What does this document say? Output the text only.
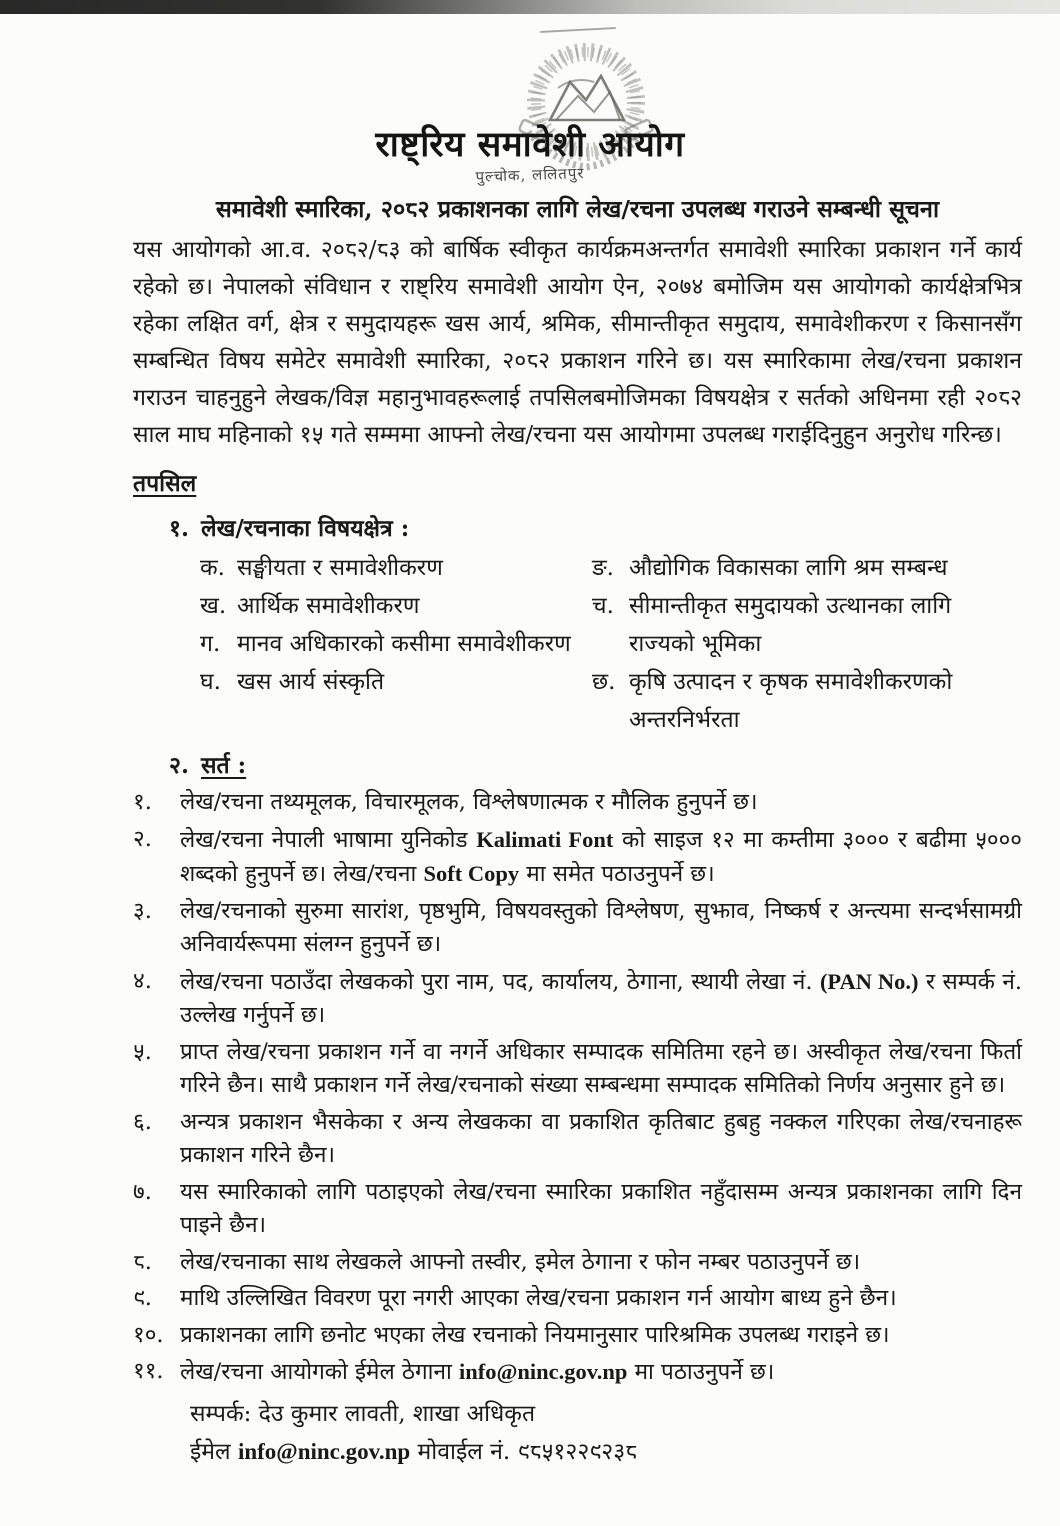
राष्ट्रिय समावेशी आयोग
पुल्चोक, ललितपुर
समावेशी स्मारिका, २०८२ प्रकाशनका लागि लेख/रचना उपलब्ध गराउने सम्बन्धी सूचना

यस आयोगको आ.व. २०८२/८३ को बार्षिक स्वीकृत कार्यक्रमअन्तर्गत समावेशी स्मारिका प्रकाशन गर्ने कार्य रहेको छ। नेपालको संविधान र राष्ट्रिय समावेशी आयोग ऐन, २०७४ बमोजिम यस आयोगको कार्यक्षेत्रभित्र रहेका लक्षित वर्ग, क्षेत्र र समुदायहरू खस आर्य, श्रमिक, सीमान्तीकृत समुदाय, समावेशीकरण र किसानसँग सम्बन्धित विषय समेटेर समावेशी स्मारिका, २०८२ प्रकाशन गरिने छ। यस स्मारिकामा लेख/रचना प्रकाशन गराउन चाहनुहुने लेखक/विज्ञ महानुभावहरूलाई तपसिलबमोजिमका विषयक्षेत्र र सर्तको अधिनमा रही २०८२ साल माघ महिनाको १५ गते सम्ममा आफ्नो लेख/रचना यस आयोगमा उपलब्ध गराईदिनुहुन अनुरोध गरिन्छ।

तपसिल
१. लेख/रचनाका विषयक्षेत्र :
क. सङ्घीयता र समावेशीकरण
ख. आर्थिक समावेशीकरण
ग. मानव अधिकारको कसीमा समावेशीकरण
घ. खस आर्य संस्कृति
ङ. औद्योगिक विकासका लागि श्रम सम्बन्ध
च. सीमान्तीकृत समुदायको उत्थानका लागि राज्यको भूमिका
छ. कृषि उत्पादन र कृषक समावेशीकरणको अन्तरनिर्भरता
२. सर्त :
१.	लेख/रचना तथ्यमूलक, विचारमूलक, विश्लेषणात्मक र मौलिक हुनुपर्ने छ।
२.	लेख/रचना नेपाली भाषामा युनिकोड Kalimati Font को साइज १२ मा कम्तीमा ३००० र बढीमा ५००० शब्दको हुनुपर्ने छ। लेख/रचना Soft Copy मा समेत पठाउनुपर्ने छ।
३.	लेख/रचनाको सुरुमा सारांश, पृष्ठभुमि, विषयवस्तुको विश्लेषण, सुझाव, निष्कर्ष र अन्त्यमा सन्दर्भसामग्री अनिवार्यरूपमा संलग्न हुनुपर्ने छ।
४.	लेख/रचना पठाउँदा लेखकको पुरा नाम, पद, कार्यालय, ठेगाना, स्थायी लेखा नं. (PAN No.) र सम्पर्क नं. उल्लेख गर्नुपर्ने छ।
५.	प्राप्त लेख/रचना प्रकाशन गर्ने वा नगर्ने अधिकार सम्पादक समितिमा रहने छ। अस्वीकृत लेख/रचना फिर्ता गरिने छैन। साथै प्रकाशन गर्ने लेख/रचनाको संख्या सम्बन्धमा सम्पादक समितिको निर्णय अनुसार हुने छ।
६.	अन्यत्र प्रकाशन भैसकेका र अन्य लेखकका वा प्रकाशित कृतिबाट हुबहु नक्कल गरिएका लेख/रचनाहरू प्रकाशन गरिने छैन।
७.	यस स्मारिकाको लागि पठाइएको लेख/रचना स्मारिका प्रकाशित नहुँदासम्म अन्यत्र प्रकाशनका लागि दिन पाइने छैन।
८.	लेख/रचनाका साथ लेखकले आफ्नो तस्वीर, इमेल ठेगाना र फोन नम्बर पठाउनुपर्ने छ।
९.	माथि उल्लिखित विवरण पूरा नगरी आएका लेख/रचना प्रकाशन गर्न आयोग बाध्य हुने छैन।
१०. प्रकाशनका लागि छनोट भएका लेख रचनाको नियमानुसार पारिश्रमिक उपलब्ध गराइने छ।
११. लेख/रचना आयोगको ईमेल ठेगाना info@ninc.gov.np मा पठाउनुपर्ने छ।
सम्पर्क: देउ कुमार लावती, शाखा अधिकृत
ईमेल info@ninc.gov.np मोवाईल नं. ९८५१२२९२३८
